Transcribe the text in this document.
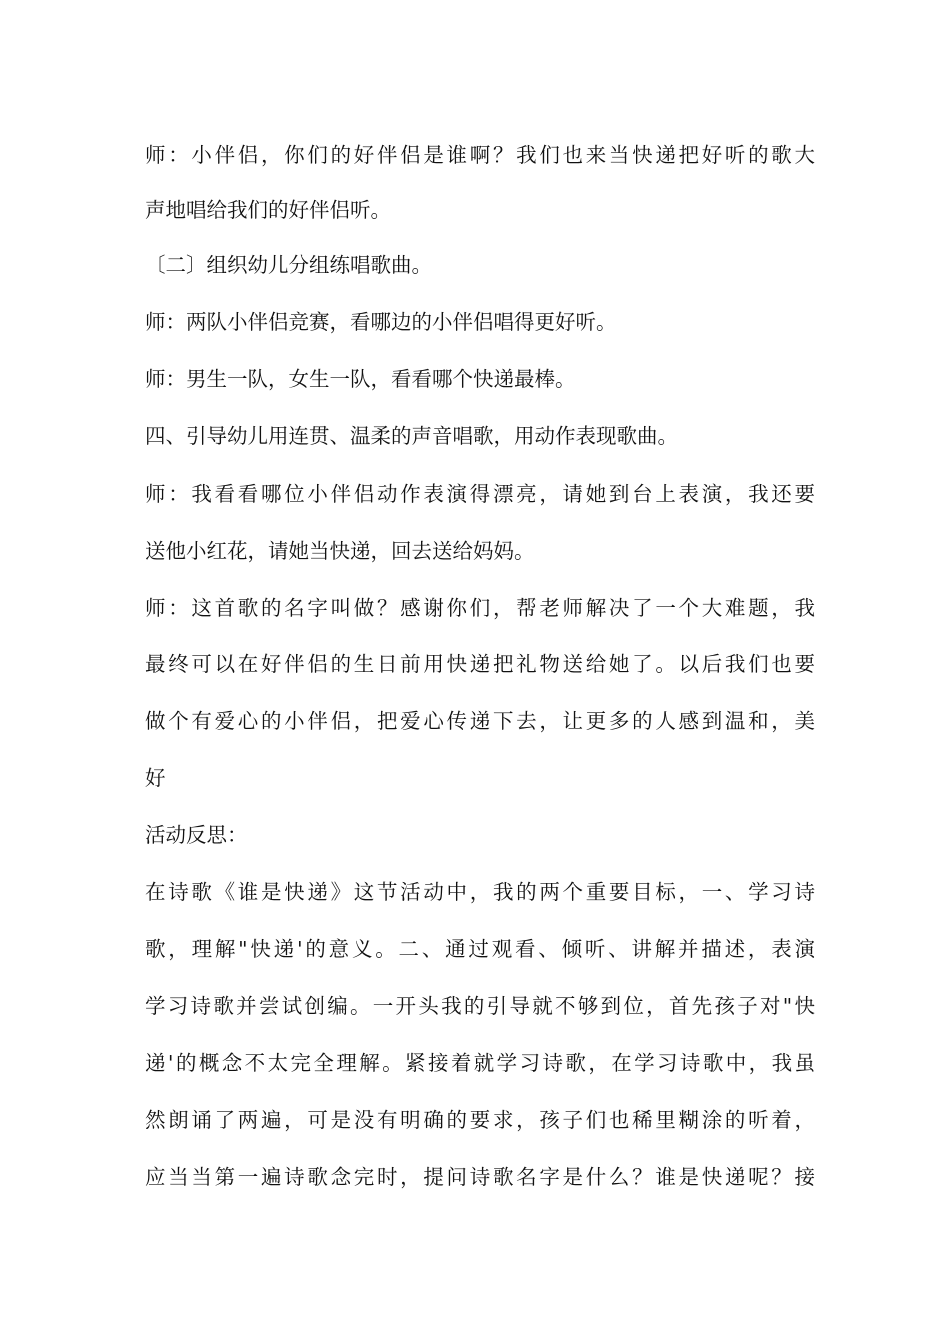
师：小伴侣，你们的好伴侣是谁啊？我们也来当快递把好听的歌大
声地唱给我们的好伴侣听。
〔二〕组织幼儿分组练唱歌曲。
师：两队小伴侣竞赛，看哪边的小伴侣唱得更好听。
师：男生一队，女生一队，看看哪个快递最棒。
四、引导幼儿用连贯、温柔的声音唱歌，用动作表现歌曲。
师：我看看哪位小伴侣动作表演得漂亮，请她到台上表演，我还要
送他小红花，请她当快递，回去送给妈妈。
师：这首歌的名字叫做？感谢你们，帮老师解决了一个大难题，我
最终可以在好伴侣的生日前用快递把礼物送给她了。以后我们也要
做个有爱心的小伴侣，把爱心传递下去，让更多的人感到温和，美
好
活动反思：
在诗歌《谁是快递》这节活动中，我的两个重要目标，一、学习诗
歌，理解"快递'的意义。二、通过观看、倾听、讲解并描述，表演
学习诗歌并尝试创编。一开头我的引导就不够到位，首先孩子对"快
递'的概念不太完全理解。紧接着就学习诗歌，在学习诗歌中，我虽
然朗诵了两遍，可是没有明确的要求，孩子们也稀里糊涂的听着，
应当当第一遍诗歌念完时，提问诗歌名字是什么？谁是快递呢？接
